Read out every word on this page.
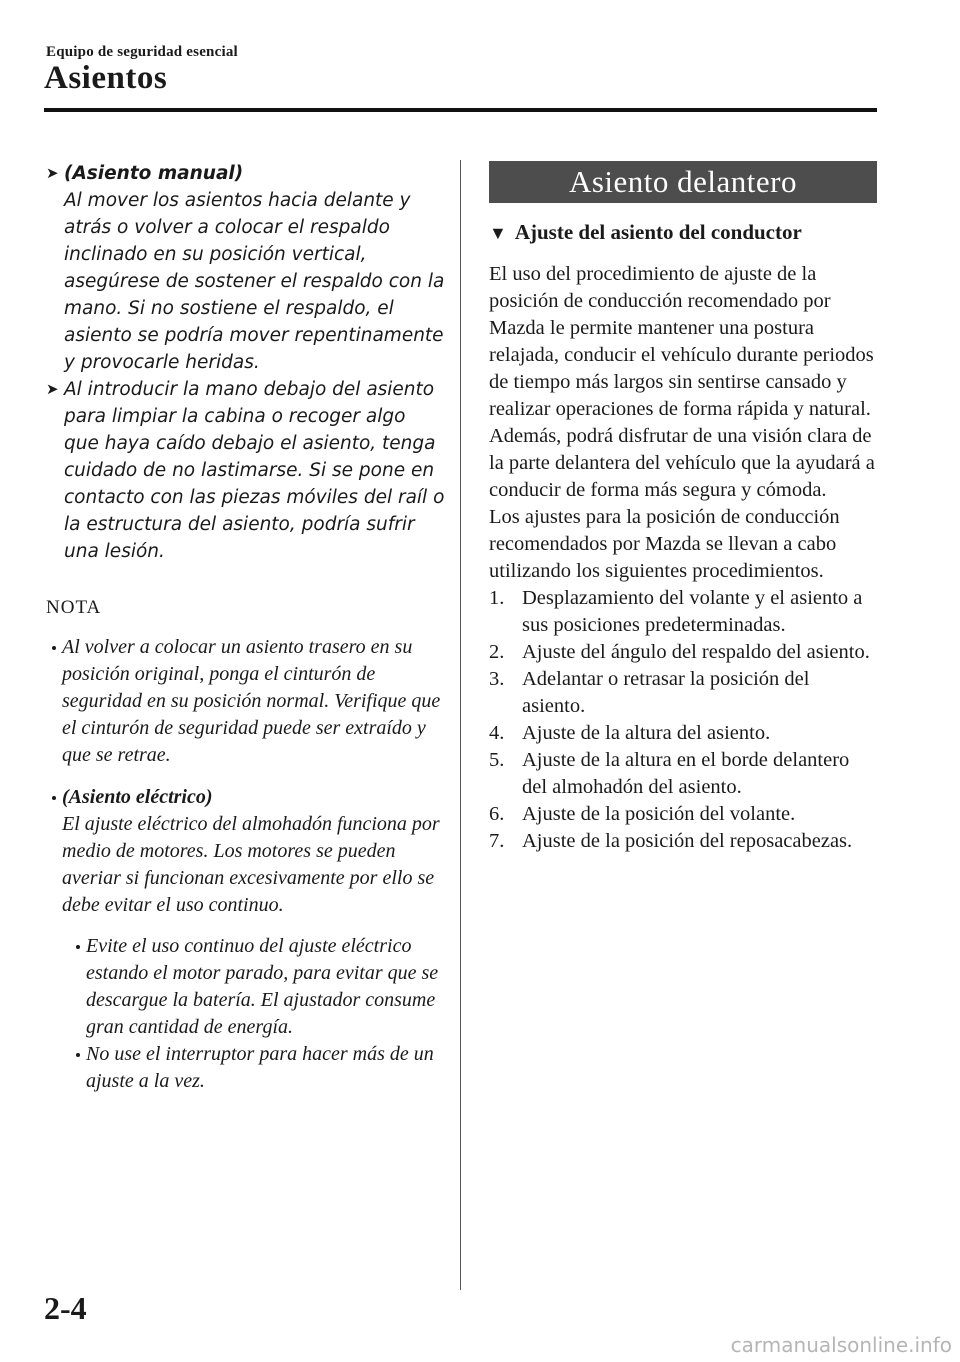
Equipo de seguridad esencial
Asientos
➤ (Asiento manual)
Al mover los asientos hacia delante y atrás o volver a colocar el respaldo inclinado en su posición vertical, asegúrese de sostener el respaldo con la mano. Si no sostiene el respaldo, el asiento se podría mover repentinamente y provocarle heridas.
➤ Al introducir la mano debajo del asiento para limpiar la cabina o recoger algo que haya caído debajo el asiento, tenga cuidado de no lastimarse. Si se pone en contacto con las piezas móviles del raíl o la estructura del asiento, podría sufrir una lesión.
NOTA
Al volver a colocar un asiento trasero en su posición original, ponga el cinturón de seguridad en su posición normal. Verifique que el cinturón de seguridad puede ser extraído y que se retrae.
(Asiento eléctrico)
El ajuste eléctrico del almohadón funciona por medio de motores. Los motores se pueden averiar si funcionan excesivamente por ello se debe evitar el uso continuo.
Evite el uso continuo del ajuste eléctrico estando el motor parado, para evitar que se descargue la batería. El ajustador consume gran cantidad de energía.
No use el interruptor para hacer más de un ajuste a la vez.
Asiento delantero
▼ Ajuste del asiento del conductor

El uso del procedimiento de ajuste de la posición de conducción recomendado por Mazda le permite mantener una postura relajada, conducir el vehículo durante periodos de tiempo más largos sin sentirse cansado y realizar operaciones de forma rápida y natural.

Además, podrá disfrutar de una visión clara de la parte delantera del vehículo que la ayudará a conducir de forma más segura y cómoda.

Los ajustes para la posición de conducción recomendados por Mazda se llevan a cabo utilizando los siguientes procedimientos.

1. Desplazamiento del volante y el asiento a sus posiciones predeterminadas.
2. Ajuste del ángulo del respaldo del asiento.
3. Adelantar o retrasar la posición del asiento.
4. Ajuste de la altura del asiento.
5. Ajuste de la altura en el borde delantero del almohadón del asiento.
6. Ajuste de la posición del volante.
7. Ajuste de la posición del reposacabezas.
2-4
carmanualsonline.info
